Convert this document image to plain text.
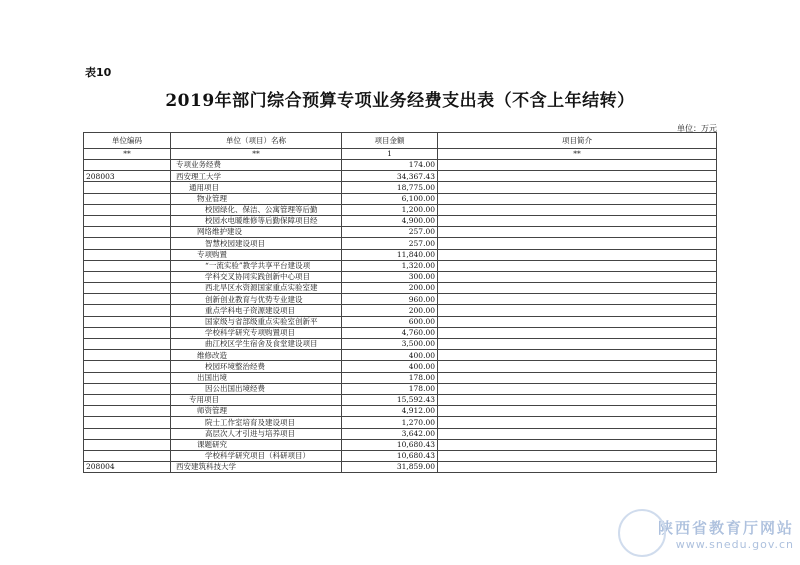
表10
2019年部门综合预算专项业务经费支出表（不含上年结转）
单位：万元
单位编码	单位（项目）名称	项目金额	项目简介
**	**	1	**
	专项业务经费	174.00	
208003	西安理工大学	34,367.43	
	通用项目	18,775.00	
	物业管理	6,100.00	
	校园绿化、保洁、公寓管理等后勤	1,200.00	
	校园水电暖维修等后勤保障项目经	4,900.00	
	网络维护建设	257.00	
	智慧校园建设项目	257.00	
	专项购置	11,840.00	
	“一流实验”教学共享平台建设项	1,320.00	
	学科交叉协同实践创新中心项目	300.00	
	西北旱区水资源国家重点实验室建	200.00	
	创新创业教育与优势专业建设	960.00	
	重点学科电子资源建设项目	200.00	
	国家级与省部级重点实验室创新平	600.00	
	学校科学研究专项购置项目	4,760.00	
	曲江校区学生宿舍及食堂建设项目	3,500.00	
	维修改造	400.00	
	校园环境整治经费	400.00	
	出国出境	178.00	
	因公出国出境经费	178.00	
	专用项目	15,592.43	
	师资管理	4,912.00	
	院士工作室培育及建设项目	1,270.00	
	高层次人才引进与培养项目	3,642.00	
	课题研究	10,680.43	
	学校科学研究项目（科研项目）	10,680.43	
208004	西安建筑科技大学	31,859.00	
陕西省教育厅网站
www.snedu.gov.cn
